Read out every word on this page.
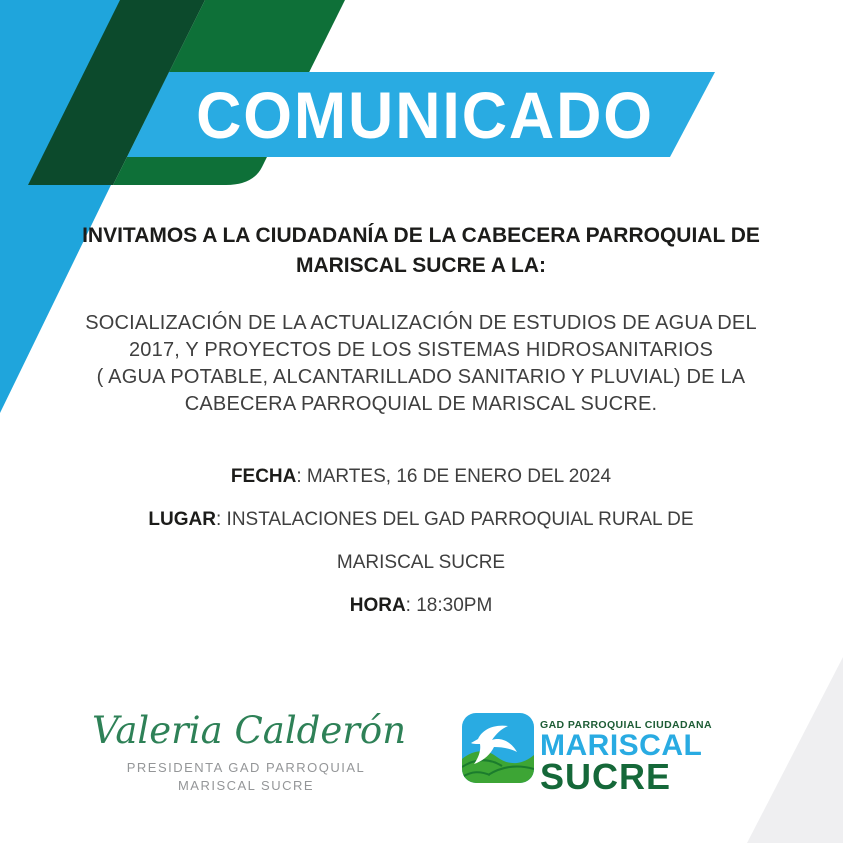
COMUNICADO
INVITAMOS A LA CIUDADANÍA DE LA CABECERA PARROQUIAL DE
MARISCAL SUCRE A LA:
SOCIALIZACIÓN DE LA ACTUALIZACIÓN DE ESTUDIOS DE AGUA DEL
2017, Y PROYECTOS DE LOS SISTEMAS HIDROSANITARIOS
( AGUA POTABLE, ALCANTARILLADO SANITARIO Y PLUVIAL) DE LA
CABECERA PARROQUIAL DE MARISCAL SUCRE.
FECHA: MARTES, 16 DE ENERO DEL 2024
LUGAR: INSTALACIONES DEL GAD PARROQUIAL RURAL DE
MARISCAL SUCRE
HORA: 18:30PM
Valeria Calderón
PRESIDENTA GAD PARROQUIAL
MARISCAL SUCRE
GAD PARROQUIAL CIUDADANA
MARISCAL
SUCRE
